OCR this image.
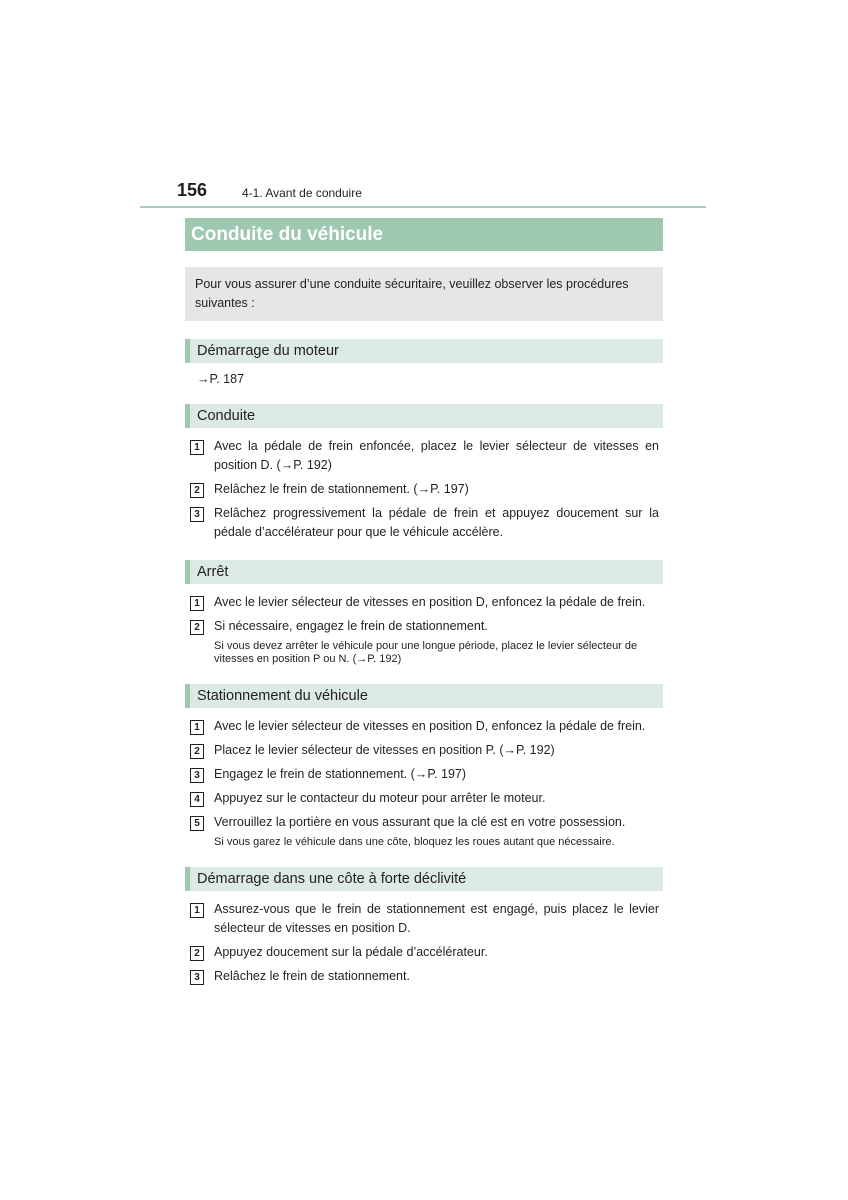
156	4-1. Avant de conduire
Conduite du véhicule
Pour vous assurer d’une conduite sécuritaire, veuillez observer les procédures suivantes :
Démarrage du moteur
→P. 187
Conduite
1	Avec la pédale de frein enfoncée, placez le levier sélecteur de vitesses en position D. (→P. 192)
2	Relâchez le frein de stationnement. (→P. 197)
3	Relâchez progressivement la pédale de frein et appuyez doucement sur la pédale d’accélérateur pour que le véhicule accélère.
Arrêt
1	Avec le levier sélecteur de vitesses en position D, enfoncez la pédale de frein.
2	Si nécessaire, engagez le frein de stationnement.
Si vous devez arrêter le véhicule pour une longue période, placez le levier sélecteur de vitesses en position P ou N. (→P. 192)
Stationnement du véhicule
1	Avec le levier sélecteur de vitesses en position D, enfoncez la pédale de frein.
2	Placez le levier sélecteur de vitesses en position P. (→P. 192)
3	Engagez le frein de stationnement. (→P. 197)
4	Appuyez sur le contacteur du moteur pour arrêter le moteur.
5	Verrouillez la portière en vous assurant que la clé est en votre possession.
Si vous garez le véhicule dans une côte, bloquez les roues autant que nécessaire.
Démarrage dans une côte à forte déclivité
1	Assurez-vous que le frein de stationnement est engagé, puis placez le levier sélecteur de vitesses en position D.
2	Appuyez doucement sur la pédale d’accélérateur.
3	Relâchez le frein de stationnement.
